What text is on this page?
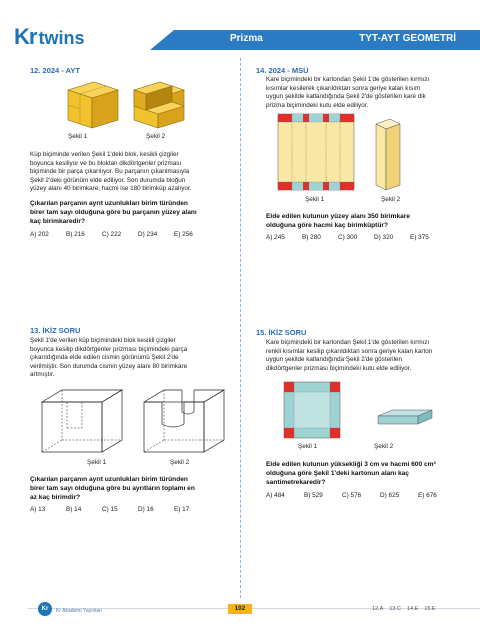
Kr twins	Prizma	TYT-AYT GEOMETRİ
12. 2024 - AYT
Şekil 1	Şekil 2
Küp biçiminde verilen Şekil 1'deki blok, kesikli çizgiler
boyunca kesiliyor ve bu bloktan dikdörtgenler prizması
biçiminde bir parça çıkarılıyor. Bu parçanın çıkarılmasıyla
Şekil 2'deki görünüm elde ediliyor. Son durumda bloğun
yüzey alanı 40 birimkare, hacmi ise 180 birimküp azalıyor.
Çıkarılan parçanın ayrıt uzunlukları birim türünden
birer tam sayı olduğuna göre bu parçanın yüzey alanı
kaç birimkaredir?
A) 202	B) 216	C) 222	D) 234	E) 256
14. 2024 - MSÜ
Kare biçimindeki bir kartondan Şekil 1'de gösterilen kırmızı
kısımlar kesilerek çıkarıldıktan sonra geriye kalan kısım
uygun şekilde katlandığında Şekil 2'de gösterilen kare dik
prizma biçimindeki kutu elde ediliyor.
Şekil 1	Şekil 2
Elde edilen kutunun yüzey alanı 350 birimkare
olduğuna göre hacmi kaç birimküptür?
A) 245	B) 280	C) 300	D) 320	E) 375
13. İKİZ SORU
Şekil 1'de verilen küp biçimindeki blok kesikli çizgiler
boyunca kesilip dikdörtgenler prizması biçimindeki parça
çıkarıldığında elde edilen cismin görünümü Şekil 2'de
verilmiştir. Son durumda cismin yüzey alanı 80 birimkare
artmıştır.
Şekil 1	Şekil 2
Çıkarılan parçanın ayrıt uzunlukları birim türünden
birer tam sayı olduğuna göre bu ayrıtların toplamı en
az kaç birimdir?
A) 13	B) 14	C) 15	D) 16	E) 17
15. İKİZ SORU
Kare biçimindeki bir kartondan Şekil 1'de gösterilen kırmızı
renkli kısımlar kesilip çıkarıldıktan sonra geriye kalan karton
uygun şekilde katlandığında Şekil 2'de gösterilen
dikdörtgenler prizması biçimindeki kutu elde ediliyor.
Şekil 1	Şekil 2
Elde edilen kutunun yüksekliği 3 cm ve hacmi 600 cm³
olduğuna göre Şekil 1'deki kartonun alanı kaç
santimetrekaredir?
A) 484	B) 529	C) 576	D) 625	E) 676
Kr	Kr Akademi Yayınları	102	12.A 13.C 14.E 15.E
